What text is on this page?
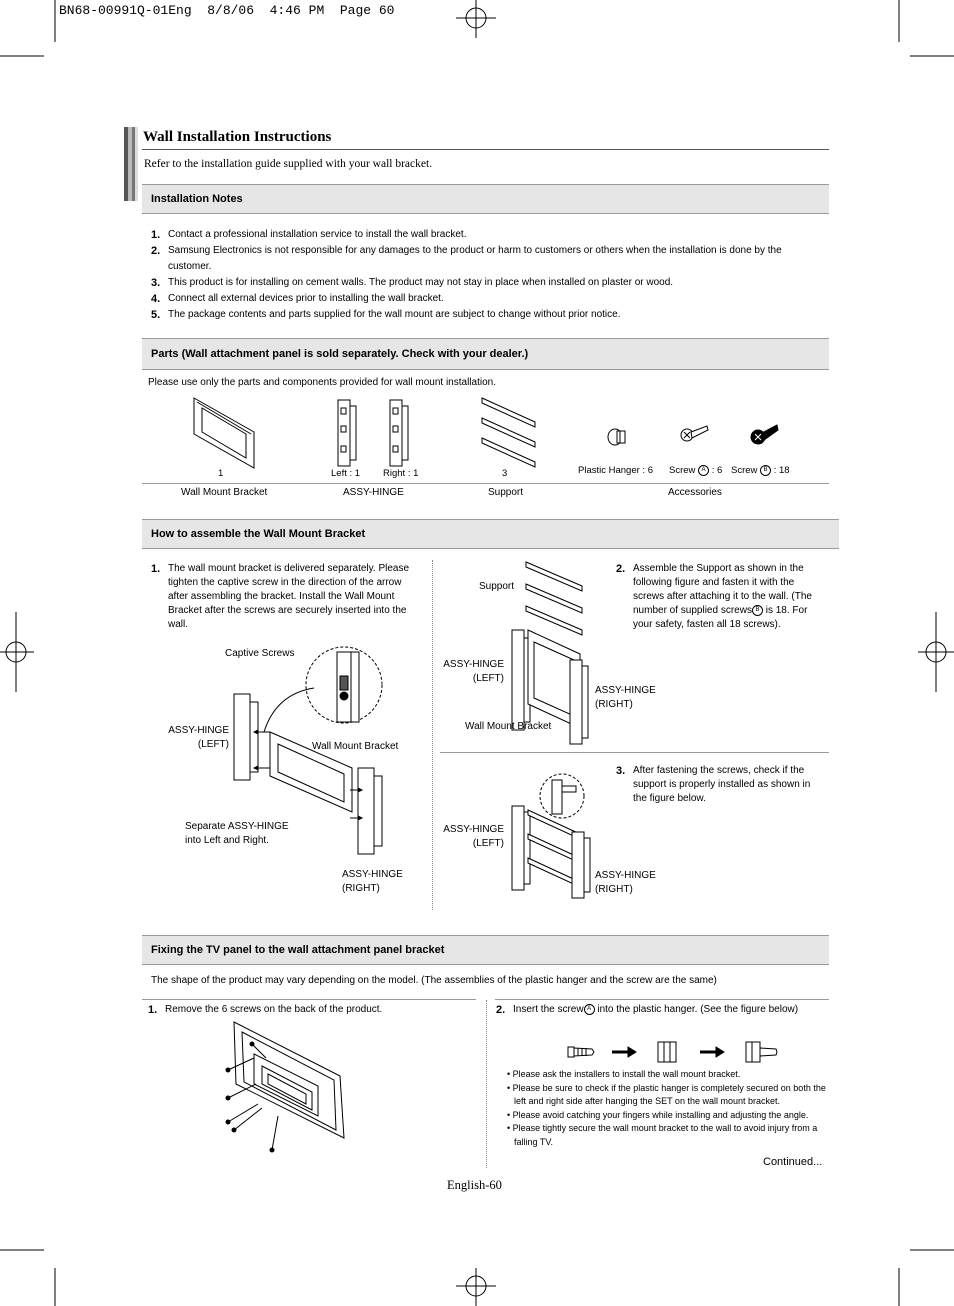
BN68-00991Q-01Eng  8/8/06  4:46 PM  Page 60
Wall Installation Instructions
Refer to the installation guide supplied with your wall bracket.
Installation Notes
1. Contact a professional installation service to install the wall bracket.
2. Samsung Electronics is not responsible for any damages to the product or harm to customers or others when the installation is done by the customer.
3. This product is for installing on cement walls. The product may not stay in place when installed on plaster or wood.
4. Connect all external devices prior to installing the wall bracket.
5. The package contents and parts supplied for the wall mount are subject to change without prior notice.
Parts (Wall attachment panel is sold separately. Check with your dealer.)
Please use only the parts and components provided for wall mount installation.
1	Left : 1 Right : 1	3	Plastic Hanger : 6 Screw A : 6 Screw B : 18
Wall Mount Bracket	ASSY-HINGE	Support	Accessories
How to assemble the Wall Mount Bracket
1. The wall mount bracket is delivered separately. Please tighten the captive screw in the direction of the arrow after assembling the bracket. Install the Wall Mount Bracket after the screws are securely inserted into the wall.
Captive Screws
ASSY-HINGE
(LEFT)	Wall Mount Bracket
Separate ASSY-HINGE
into Left and Right.
ASSY-HINGE
(RIGHT)
2. Assemble the Support as shown in the following figure and fasten it with the screws after attaching it to the wall. (The number of supplied screws B is 18. For your safety, fasten all 18 screws).
Support
ASSY-HINGE
(LEFT)
ASSY-HINGE
(RIGHT)
Wall Mount Bracket
3. After fastening the screws, check if the support is properly installed as shown in the figure below.
ASSY-HINGE
(LEFT)
ASSY-HINGE
(RIGHT)
Fixing the TV panel to the wall attachment panel bracket
The shape of the product may vary depending on the model. (The assemblies of the plastic hanger and the screw are the same)
1. Remove the 6 screws on the back of the product.	2. Insert the screw A into the plastic hanger. (See the figure below)
• Please ask the installers to install the wall mount bracket.
• Please be sure to check if the plastic hanger is completely secured on both the left and right side after hanging the SET on the wall mount bracket.
• Please avoid catching your fingers while installing and adjusting the angle.
• Please tightly secure the wall mount bracket to the wall to avoid injury from a falling TV.
Continued...
English-60
